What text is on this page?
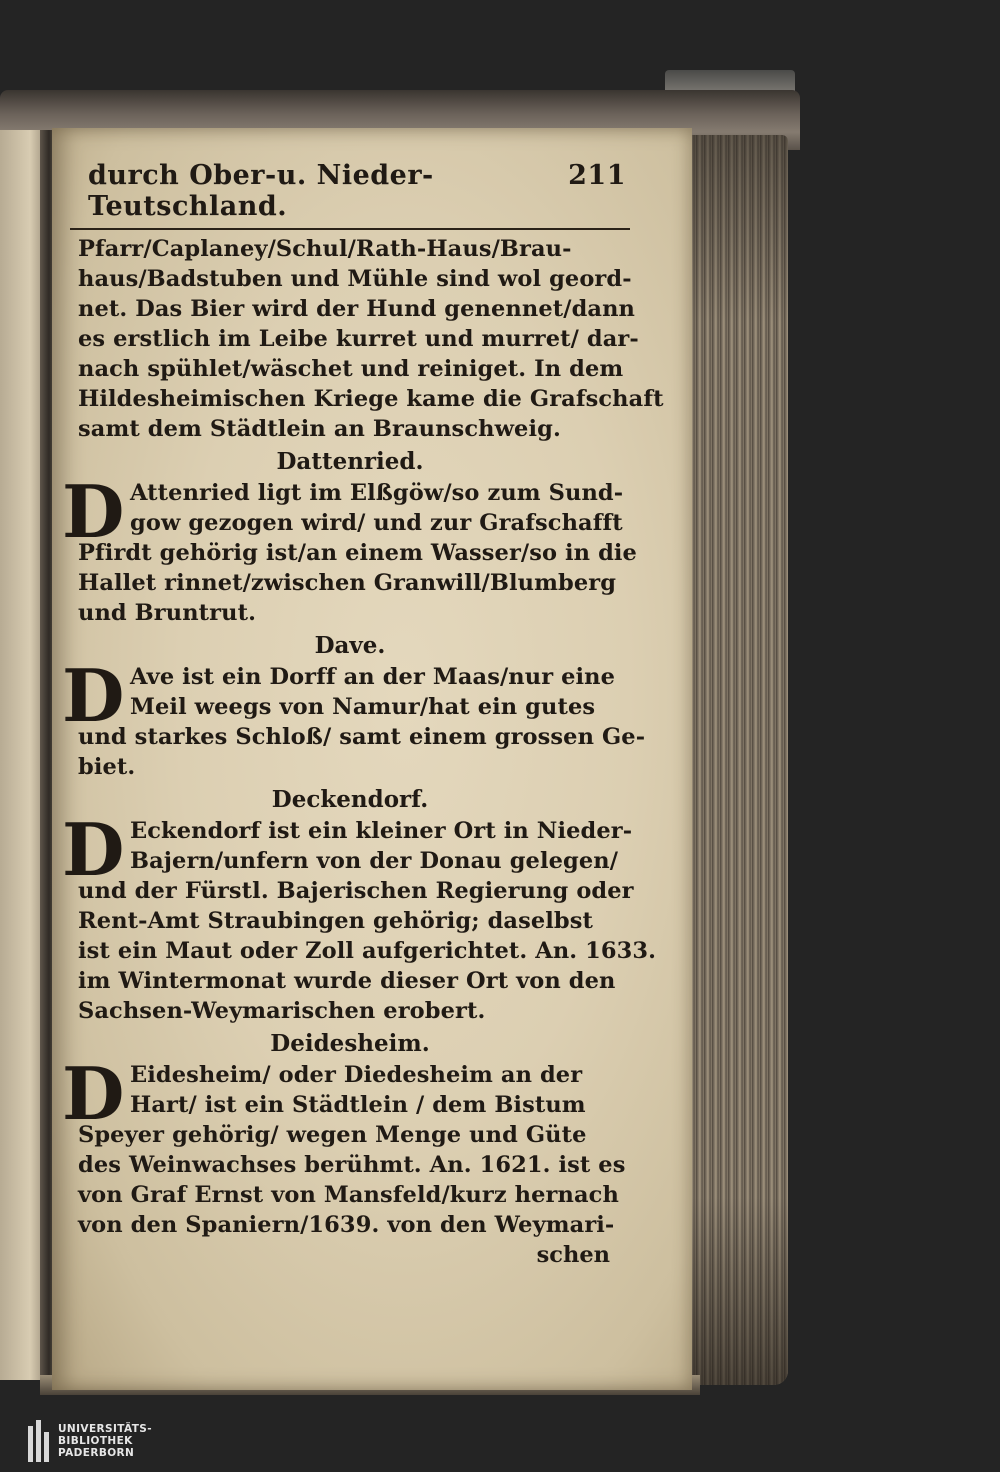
durch Ober-u. Nieder-Teutschland.
211
Pfarr/Caplaney/Schul/Rath-Haus/Brau-
haus/Badstuben und Mühle sind wol geord-
net. Das Bier wird der Hund genennet/dann
es erstlich im Leibe kurret und murret/ dar-
nach spühlet/wäschet und reiniget. In dem
Hildesheimischen Kriege kame die Grafschaft
samt dem Städtlein an Braunschweig.
Dattenried.
D Attenried ligt im Elßgöw/so zum Sund-
gow gezogen wird/ und zur Grafschafft
Pfirdt gehörig ist/an einem Wasser/so in die
Hallet rinnet/zwischen Granwill/Blumberg
und Bruntrut.
Dave.
D Ave ist ein Dorff an der Maas/nur eine
Meil weegs von Namur/hat ein gutes
und starkes Schloß/ samt einem grossen Ge-
biet.
Deckendorf.
D Eckendorf ist ein kleiner Ort in Nieder-
Bajern/unfern von der Donau gelegen/
und der Fürstl. Bajerischen Regierung oder
Rent-Amt Straubingen gehörig; daselbst
ist ein Maut oder Zoll aufgerichtet. An. 1633.
im Wintermonat wurde dieser Ort von den
Sachsen-Weymarischen erobert.
Deidesheim.
D Eidesheim/ oder Diedesheim an der
Hart/ ist ein Städtlein / dem Bistum
Speyer gehörig/ wegen Menge und Güte
des Weinwachses berühmt. An. 1621. ist es
von Graf Ernst von Mansfeld/kurz hernach
von den Spaniern/1639. von den Weymari-
schen
UNIVERSITÄTS-
BIBLIOTHEK
PADERBORN
